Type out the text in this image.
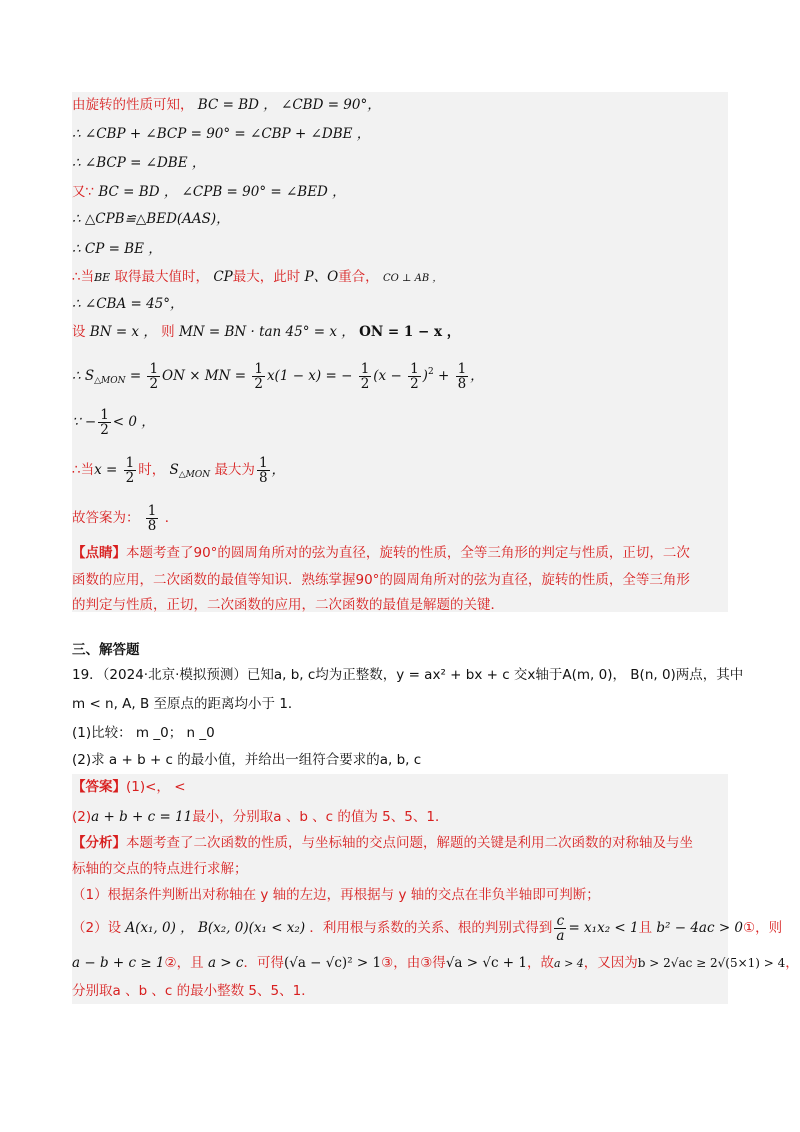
由旋转的性质可知， BC = BD ， ∠CBD = 90°，
∴ ∠CBP + ∠BCP = 90° = ∠CBP + ∠DBE ，
∴ ∠BCP = ∠DBE ，
又∵ BC = BD ， ∠CPB = 90° = ∠BED ，
∴ △CPB≌△BED(AAS)，
∴ CP = BE ，
∴当BE 取得最大值时， CP最大，此时 P、O重合， CO ⊥ AB ，
∴ ∠CBA = 45°，
设 BN = x ， 则 MN = BN · tan 45° = x ， ON = 1 − x ，
∴ $S_{\triangle MON} = \frac{1}{2}$ ON × MN = $\frac{1}{2} x(1 - x)$ = − $\frac{1}{2} (x - \frac{1}{2} )^2 + \frac{1}{8}$ ，
∵ − $\frac{1}{2} < 0$ ，
∴当$x = \frac{1}{2}$ 时， $S_{\triangle MON}$ 最大为 $\frac{1}{8}$ ，
故答案为： $\frac{1}{8}$ ．
【点睛】本题考查了90°的圆周角所对的弦为直径，旋转的性质，全等三角形的判定与性质，正切，二次
函数的应用，二次函数的最值等知识．熟练掌握90°的圆周角所对的弦为直径，旋转的性质，全等三角形
的判定与性质，正切，二次函数的应用，二次函数的最值是解题的关键．
三、解答题
19．（2024·北京·模拟预测）已知a, b, c均为正整数，y = ax² + bx + c 交x轴于A(m, 0)， B(n, 0)两点，其中
m < n, A, B 至原点的距离均小于 1．
(1)比较： m _0； n _0
(2)求 a + b + c 的最小值，并给出一组符合要求的a, b, c
【答案】(1)<， <
(2)a + b + c = 11最小，分别取a 、b 、c 的值为 5、5、1．
【分析】本题考查了二次函数的性质，与坐标轴的交点问题，解题的关键是利用二次函数的对称轴及与坐
标轴的交点的特点进行求解；
（1）根据条件判断出对称轴在 y 轴的左边，再根据与 y 轴的交点在非负半轴即可判断；
（2）设 A(x₁, 0) ， B(x₂, 0)(x₁ < x₂) ．利用根与系数的关系、根的判别式得到 $\frac{c}{a} = x_1x_2 < 1$且 b² − 4ac > 0①，则
a − b + c ≥ 1②，且 a > c．可得(√a − √c)² > 1③，由③得√a > √c + 1，故a > 4，又因为b > 2√ac ≥ 2√(5×1) > 4，
分别取a 、b 、c 的最小整数 5、5、1．
